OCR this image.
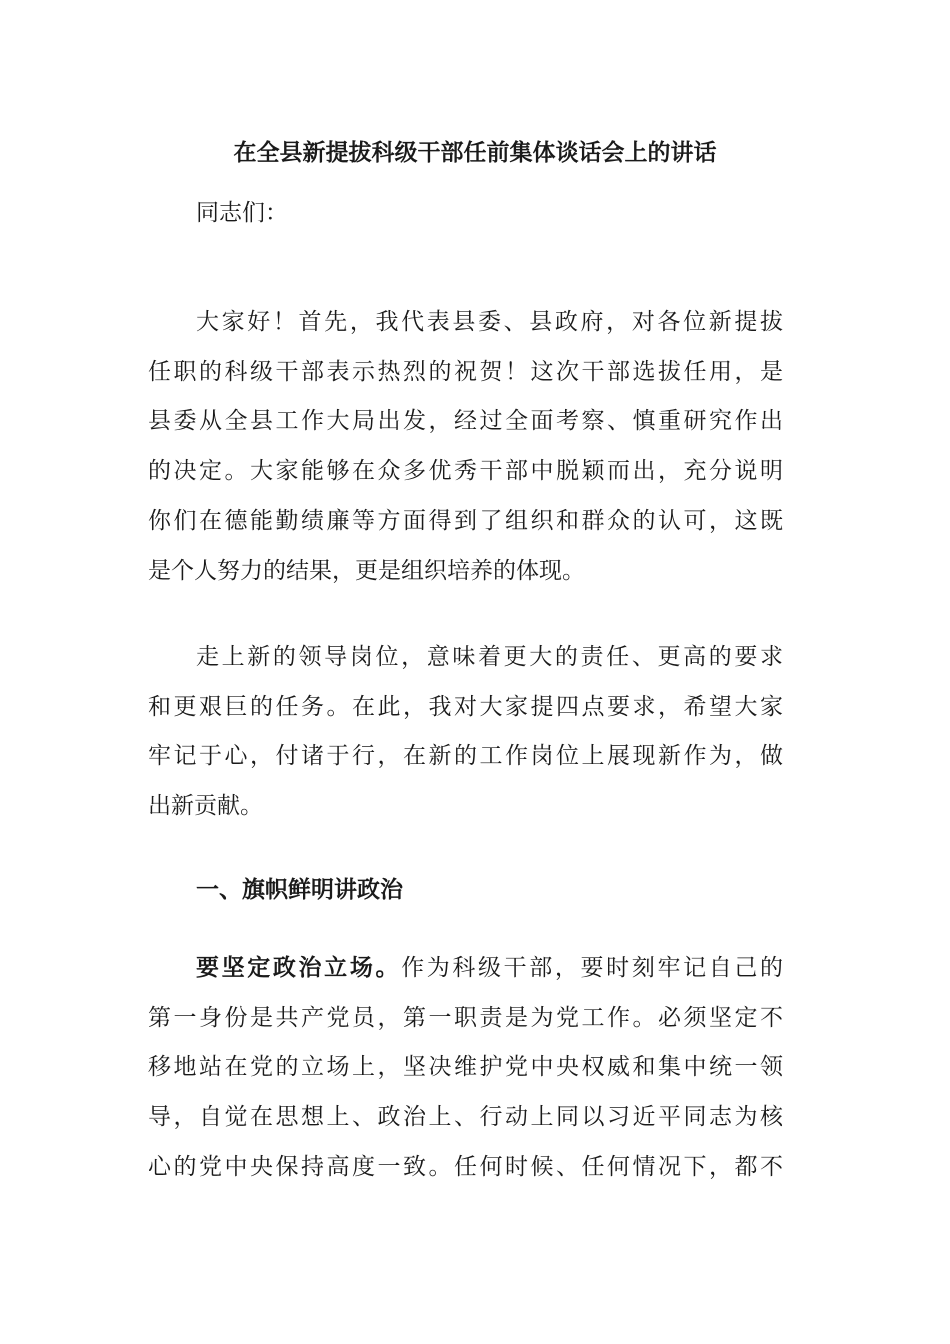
在全县新提拔科级干部任前集体谈话会上的讲话

同志们：

大家好！首先，我代表县委、县政府，对各位新提拔
任职的科级干部表示热烈的祝贺！这次干部选拔任用，是
县委从全县工作大局出发，经过全面考察、慎重研究作出
的决定。大家能够在众多优秀干部中脱颖而出，充分说明
你们在德能勤绩廉等方面得到了组织和群众的认可，这既
是个人努力的结果，更是组织培养的体现。
走上新的领导岗位，意味着更大的责任、更高的要求
和更艰巨的任务。在此，我对大家提四点要求，希望大家
牢记于心，付诸于行，在新的工作岗位上展现新作为，做
出新贡献。
一、旗帜鲜明讲政治
要坚定政治立场。作为科级干部，要时刻牢记自己的
第一身份是共产党员，第一职责是为党工作。必须坚定不
移地站在党的立场上，坚决维护党中央权威和集中统一领
导，自觉在思想上、政治上、行动上同以习近平同志为核
心的党中央保持高度一致。任何时候、任何情况下，都不
